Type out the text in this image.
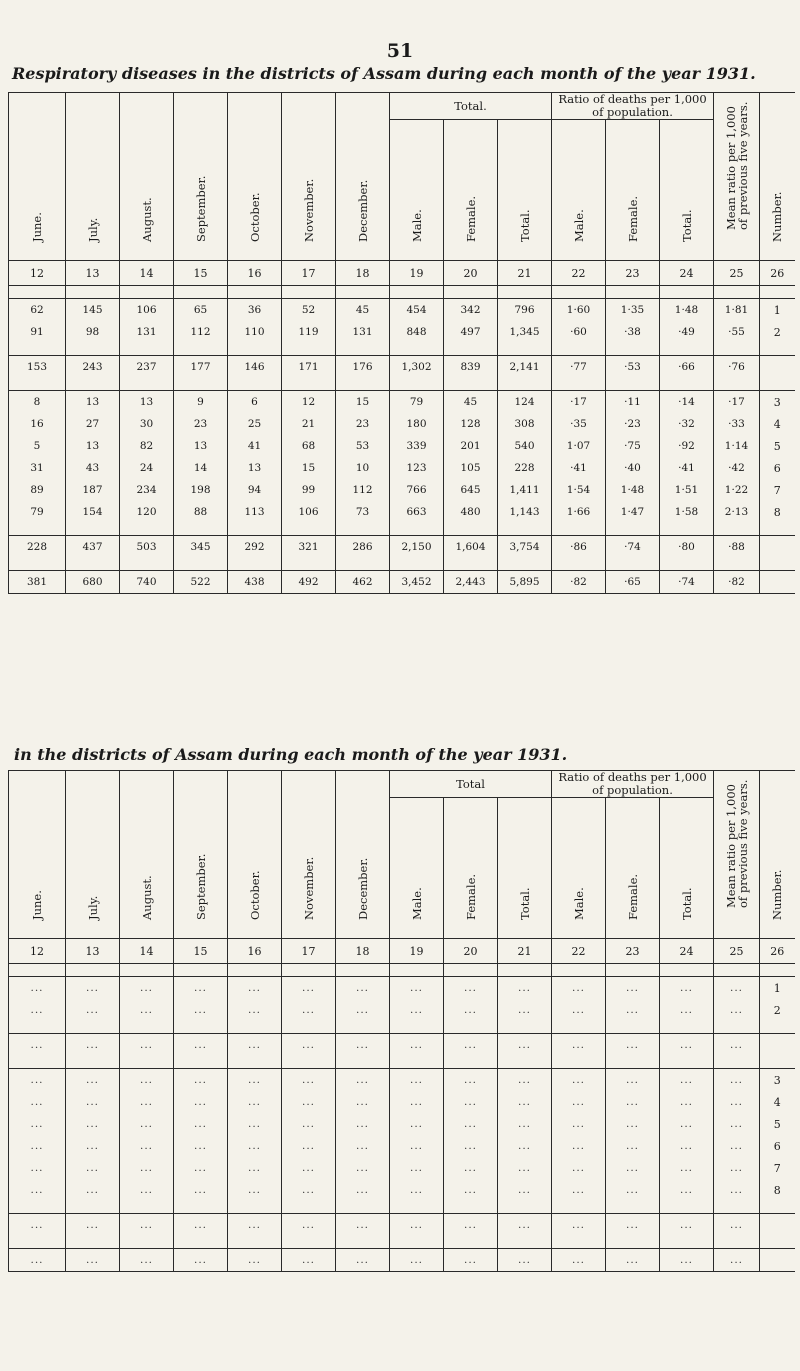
51
Respiratory diseases in the districts of Assam during each month of the year 1931.
June.	July.	August.	September.	October.	November.	December.	Total.			Ratio of deaths per 1,000 of population.			Mean ratio per 1,000 of previous five years.	Number.

							Male.	Female.	Total.	Male.	Female.	Total.		

12	13	14	15	16	17	18	19	20	21	22	23	24	25	26

62	145	106	65	36	52	45	454	342	796	1·60	1·35	1·48	1·81	1
91	98	131	112	110	119	131	848	497	1,345	·60	·38	·49	·55	2

153	243	237	177	146	171	176	1,302	839	2,141	·77	·53	·66	·76	

8	13	13	9	6	12	15	79	45	124	·17	·11	·14	·17	3
16	27	30	23	25	21	23	180	128	308	·35	·23	·32	·33	4
5	13	82	13	41	68	53	339	201	540	1·07	·75	·92	1·14	5
31	43	24	14	13	15	10	123	105	228	·41	·40	·41	·42	6
89	187	234	198	94	99	112	766	645	1,411	1·54	1·48	1·51	1·22	7
79	154	120	88	113	106	73	663	480	1,143	1·66	1·47	1·58	2·13	8

228	437	503	345	292	321	286	2,150	1,604	3,754	·86	·74	·80	·88	

381	680	740	522	438	492	462	3,452	2,443	5,895	·82	·65	·74	·82	
in the districts of Assam during each month of the year 1931.
June.	July.	August.	September.	October.	November.	December.	Total			Ratio of deaths per 1,000 of population.			Mean ratio per 1,000 of previous five years.	Number.

							Male.	Female.	Total.	Male.	Female.	Total.		

12	13	14	15	16	17	18	19	20	21	22	23	24	25	26

...	...	...	...	...	...	...	...	...	...	...	...	...	...	1
...	...	...	...	...	...	...	...	...	...	...	...	...	...	2

...	...	...	...	...	...	...	...	...	...	...	...	...	...	

...	...	...	...	...	...	...	...	...	...	...	...	...	...	3
...	...	...	...	...	...	...	...	...	...	...	...	...	...	4
...	...	...	...	...	...	...	...	...	...	...	...	...	...	5
...	...	...	...	...	...	...	...	...	...	...	...	...	...	6
...	...	...	...	...	...	...	...	...	...	...	...	...	...	7
...	...	...	...	...	...	...	...	...	...	...	...	...	...	8

...	...	...	...	...	...	...	...	...	...	...	...	...	...	

...	...	...	...	...	...	...	...	...	...	...	...	...	...	
